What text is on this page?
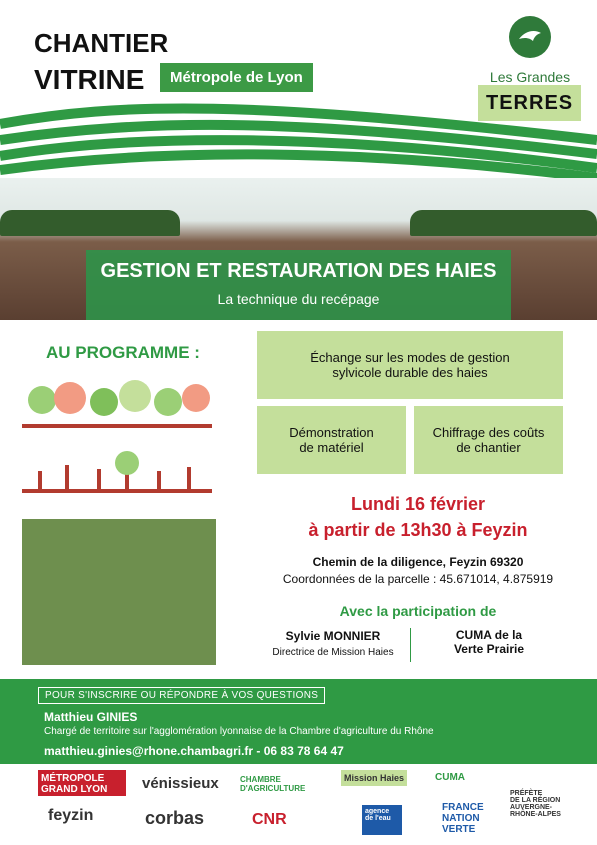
CHANTIER
VITRINE	Métropole de Lyon	Les Grandes
TERRES
GESTION ET RESTAURATION DES HAIES
La technique du recépage
AU PROGRAMME :	Échange sur les modes de gestion
sylvicole durable des haies
Démonstration
de matériel
Chiffrage des coûts
de chantier
Lundi 16 février
à partir de 13h30 à Feyzin
Chemin de la diligence, Feyzin 69320
Coordonnées de la parcelle : 45.671014, 4.875919
Avec la participation de
Sylvie MONNIER
Directrice de Mission Haies
CUMA de la
Verte Prairie
POUR S'INSCRIRE OU RÉPONDRE À VOS QUESTIONS
Matthieu GINIES
Chargé de territoire sur l'agglomération lyonnaise de la Chambre d'agriculture du Rhône
matthieu.ginies@rhone.chambagri.fr - 06 83 78 64 47
MÉTROPOLE
GRAND LYON	vénissieux	CHAMBRE
D'AGRICULTURE
Mission Haies	CUMA
PRÉFÈTE
DE LA RÉGION
AUVERGNE-
RHÔNE-ALPES
feyzin	corbas	CNR	agence de l'eau
FRANCE
NATION
VERTE
